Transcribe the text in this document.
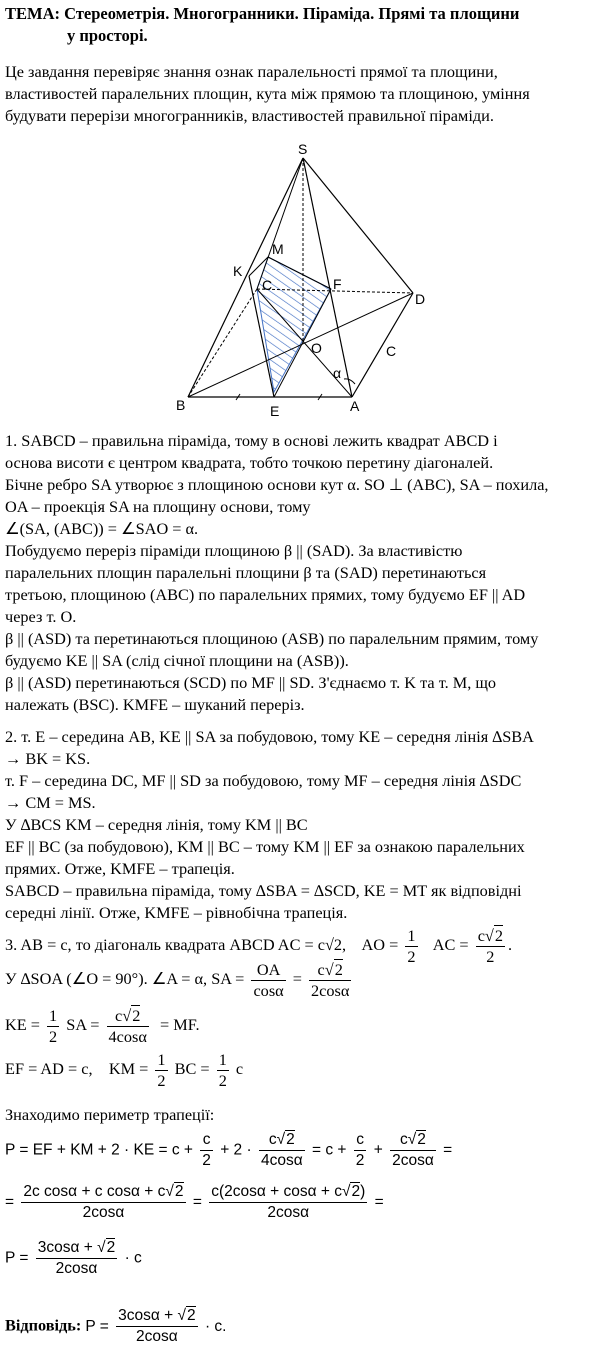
ТЕМА: Стереометрія. Многогранники. Піраміда. Прямі та площини
у просторі.
Це завдання перевіряє знання ознак паралельності прямої та площини,
властивостей паралельних площин, кута між прямою та площиною, уміння
будувати перерізи многогранників, властивостей правильної піраміди.
S
M
K
C	F
D
O	C
α
B	E	A
1. SABCD – правильна піраміда, тому в основі лежить квадрат ABCD і
основа висоти є центром квадрата, тобто точкою перетину діагоналей.
Бічне ребро SA утворює з площиною основи кут α. SO ⊥ (ABC), SA – похила,
OA – проекція SA на площину основи, тому
∠(SA, (ABC)) = ∠SAO = α.
Побудуємо переріз піраміди площиною β || (SAD). За властивістю
паралельних площин паралельні площини β та (SAD) перетинаються
третьою, площиною (ABC) по паралельних прямих, тому будуємо EF || AD
через т. O.
β || (ASD) та перетинаються площиною (ASB) по паралельним прямим, тому
будуємо KE || SA (слід січної площини на (ASB)).
β || (ASD) перетинаються (SCD) по MF || SD. З'єднаємо т. K та т. M, що
належать (BSC). KMFE – шуканий переріз.
2. т. E – середина AB, KE || SA за побудовою, тому KE – середня лінія ∆SBA
→ BK = KS.
т. F – середина DC, MF || SD за побудовою, тому MF – середня лінія ∆SDC
→ CM = MS.
У ∆BCS KM – середня лінія, тому KM || BC
EF || BC (за побудовою), KM || BC – тому KM || EF за ознакою паралельних
прямих. Отже, KMFE – трапеція.
SABCD – правильна піраміда, тому ∆SBA = ∆SCD, KE = MT як відповідні
середні лінії. Отже, KMFE – рівнобічна трапеція.
3. AB = c, то діагональ квадрата ABCD AC = c√2, AO = $\frac{1}{2}$ AC = $\frac{c√2}{2}$ .
У ∆SOA (∠O = 90°). ∠A = α, SA = $\frac{OA}{\cos\alpha} = \frac{c√2}{2\cos\alpha}$
KE = $\frac{1}{2}$ SA = $\frac{c√2}{4\cos\alpha}$ = MF.
EF = AD = c, KM = $\frac{1}{2}$ BC = $\frac{1}{2}$ c
Знаходимо периметр трапеції:
P = EF + KM + 2 · KE = $c + \frac{c}{2} + 2 \cdot \frac{c√2}{4\cos\alpha} = c + \frac{c}{2} + \frac{c√2}{2\cos\alpha}$ =
= $\frac{\text{2c cosα + c cosα + c√2}}{2\cos\alpha} = \frac{c(2\cos\alpha + \cos\alpha + c√2)}{2\cos\alpha}$ =
$P = \frac{3\cos\alpha + √2}{2\cos\alpha} \cdot c$
Відповідь: $P = \frac{3\cos\alpha + √2}{2\cos\alpha} \cdot c$.
